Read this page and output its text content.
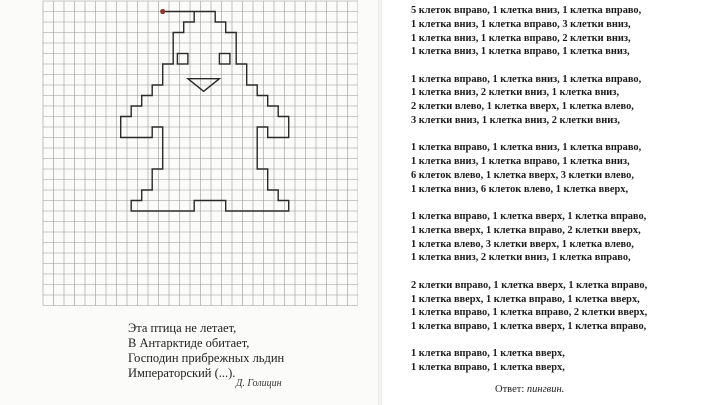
Эта птица не летает,
В Антарктиде обитает,
Господин прибрежных льдин
Императорский (...).
Д. Голицин
5 клеток вправо, 1 клетка вниз, 1 клетка вправо,
1 клетка вниз, 1 клетка вправо, 3 клетки вниз,
1 клетка вниз, 1 клетка вправо, 2 клетки вниз,
1 клетка вниз, 1 клетка вправо, 1 клетка вниз,
1 клетка вправо, 1 клетка вниз, 1 клетка вправо,
1 клетка вниз, 2 клетки вниз, 1 клетка вниз,
2 клетки влево, 1 клетка вверх, 1 клетка влево,
3 клетки вниз, 1 клетка вниз, 2 клетки вниз,
1 клетка вправо, 1 клетка вниз, 1 клетка вправо,
1 клетка вниз, 1 клетка вправо, 1 клетка вниз,
6 клеток влево, 1 клетка вверх, 3 клетки влево,
1 клетка вниз, 6 клеток влево, 1 клетка вверх,
1 клетка вправо, 1 клетка вверх, 1 клетка вправо,
1 клетка вверх, 1 клетка вправо, 2 клетки вверх,
1 клетка влево, 3 клетки вверх, 1 клетка влево,
1 клетка вниз, 2 клетки вниз, 1 клетка вправо,
2 клетки вправо, 1 клетка вверх, 1 клетка вправо,
1 клетка вверх, 1 клетка вправо, 1 клетка вверх,
1 клетка вправо, 1 клетка вправо, 2 клетки вверх,
1 клетка вправо, 1 клетка вверх, 1 клетка вправо,
1 клетка вправо, 1 клетка вверх,
1 клетка вправо, 1 клетка вверх,
Ответ: пингвин.
